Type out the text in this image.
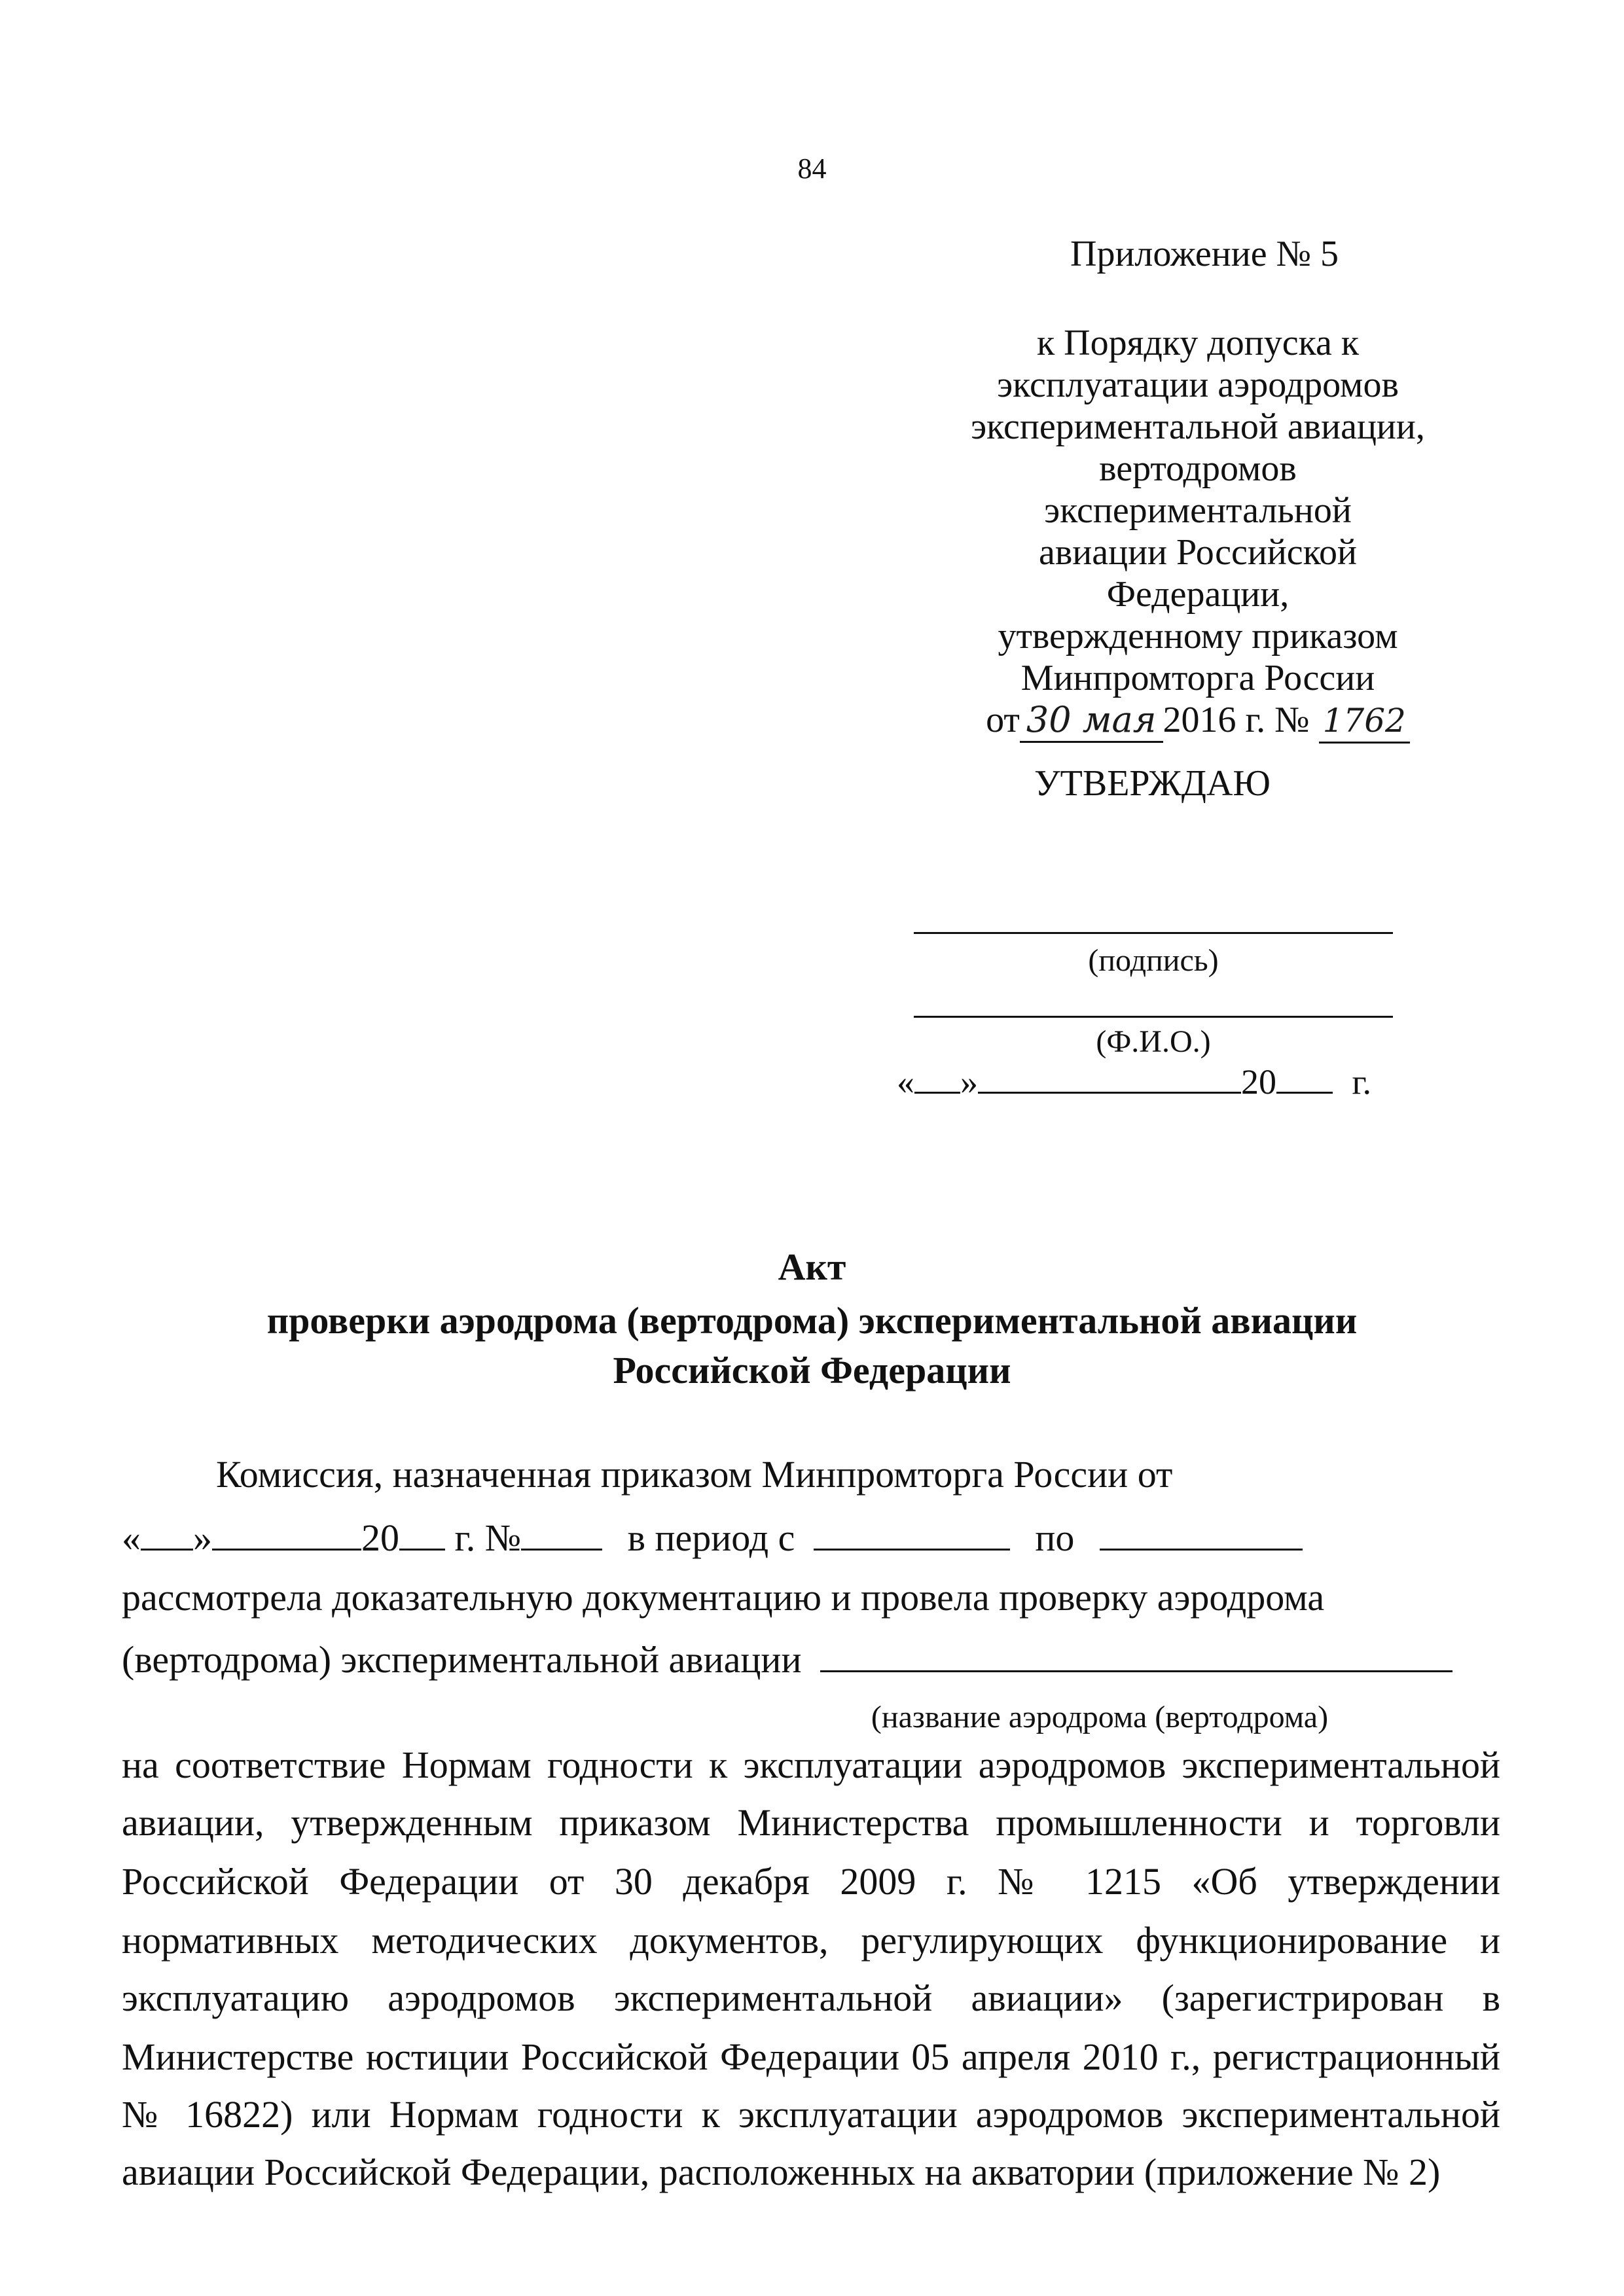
84
Приложение № 5
к Порядку допуска к
эксплуатации аэродромов
экспериментальной авиации,
вертодромов экспериментальной
авиации Российской Федерации,
утвержденному приказом
Минпромторга России
от 30 мая 2016 г. № 1762
УТВЕРЖДАЮ
(подпись)
(Ф.И.О.)
« »	20 г.
Акт
проверки аэродрома (вертодрома) экспериментальной авиации
Российской Федерации
Комиссия, назначенная приказом Минпромторга России от
« »	20 г. №	в период с	по
рассмотрела доказательную документацию и провела проверку аэродрома
(вертодрома) экспериментальной авиации
(название аэродрома (вертодрома)
на соответствие Нормам годности к эксплуатации аэродромов экспериментальной
авиации, утвержденным приказом Министерства промышленности и торговли
Российской Федерации от 30 декабря 2009 г. № 1215 «Об утверждении
нормативных методических документов, регулирующих функционирование и
эксплуатацию аэродромов экспериментальной авиации» (зарегистрирован в
Министерстве юстиции Российской Федерации 05 апреля 2010 г., регистрационный
№ 16822) или Нормам годности к эксплуатации аэродромов экспериментальной
авиации Российской Федерации, расположенных на акватории (приложение № 2)
